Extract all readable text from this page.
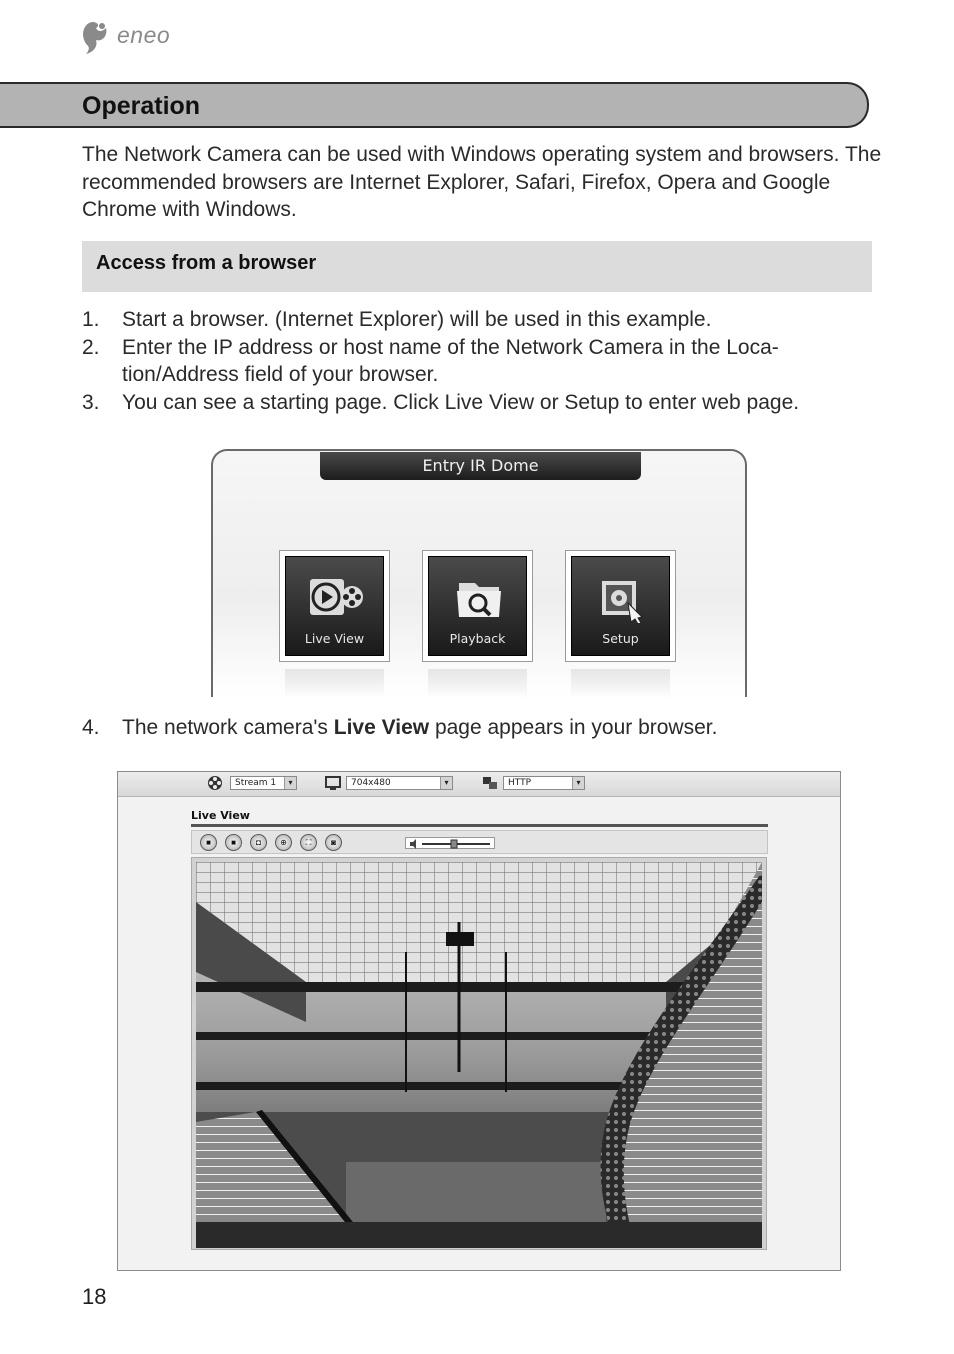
eneo
Operation
The Network Camera can be used with Windows operating system and browsers. The recommended browsers are Internet Explorer, Safari, Firefox, Opera and Google Chrome with Windows.
Access from a browser
1. Start a browser. (Internet Explorer) will be used in this example.
2. Enter the IP address or host name of the Network Camera in the Loca-tion/Address field of your browser.
3. You can see a starting page. Click Live View or Setup to enter web page.
Entry IR Dome
Live View	Playback	Setup
4. The network camera's Live View page appears in your browser.
Stream 1	▾	704x480	▾	HTTP	▾
Live View
■	■	◘	⊕	⛶	◙
18
